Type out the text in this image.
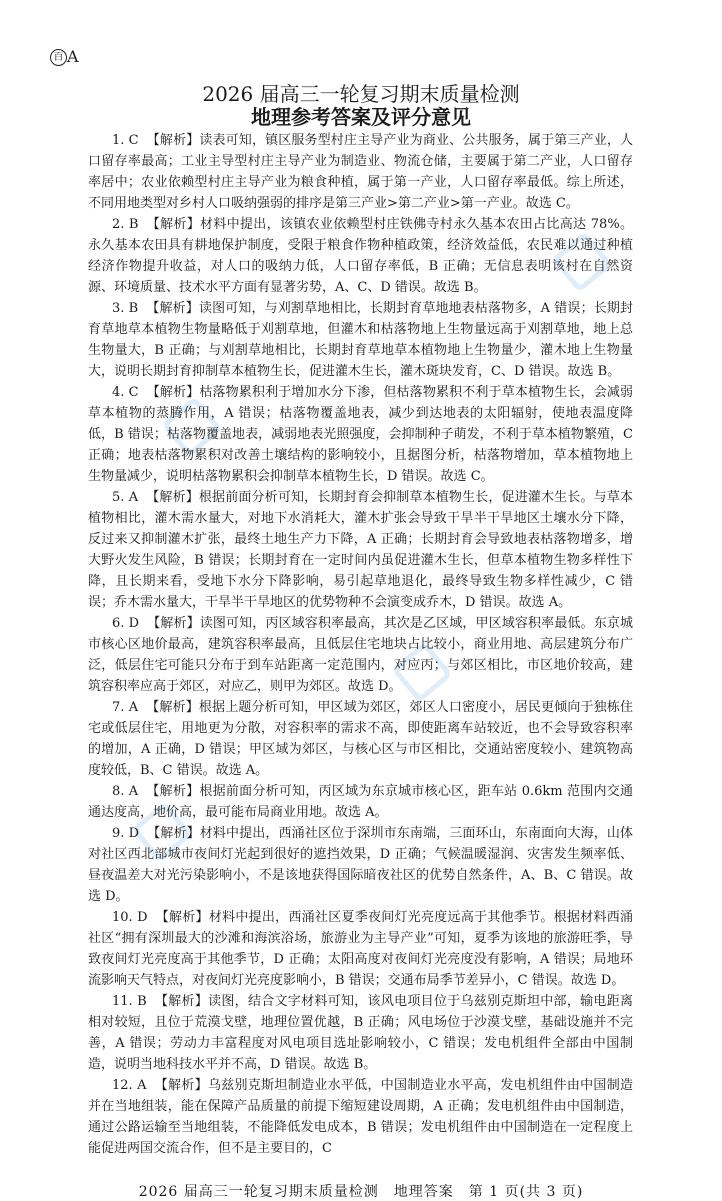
百 A
2026 届高三一轮复习期末质量检测
地理参考答案及评分意见

1. C 【解析】读表可知，镇区服务型村庄主导产业为商业、公共服务，属于第三产业，人口留存率最高；工业主导型村庄主导产业为制造业、物流仓储，主要属于第二产业，人口留存率居中；农业依赖型村庄主导产业为粮食种植，属于第一产业，人口留存率最低。综上所述，不同用地类型对乡村人口吸纳强弱的排序是第三产业>第二产业>第一产业。故选 C。

2. B 【解析】材料中提出，该镇农业依赖型村庄铁佛寺村永久基本农田占比高达 78%。永久基本农田具有耕地保护制度，受限于粮食作物种植政策，经济效益低，农民难以通过种植经济作物提升收益，对人口的吸纳力低，人口留存率低，B 正确；无信息表明该村在自然资源、环境质量、技术水平方面有显著劣势，A、C、D 错误。故选 B。

3. B 【解析】读图可知，与刈割草地相比，长期封育草地地表枯落物多，A 错误；长期封育草地草本植物生物量略低于刈割草地，但灌木和枯落物地上生物量远高于刈割草地，地上总生物量大，B 正确；与刈割草地相比，长期封育草地草本植物地上生物量少，灌木地上生物量大，说明长期封育抑制草本植物生长，促进灌木生长，灌木斑块发育，C、D 错误。故选 B。

4. C 【解析】枯落物累积利于增加水分下渗，但枯落物累积不利于草本植物生长，会减弱草本植物的蒸腾作用，A 错误；枯落物覆盖地表，减少到达地表的太阳辐射，使地表温度降低，B 错误；枯落物覆盖地表，减弱地表光照强度，会抑制种子萌发，不利于草本植物繁殖，C 正确；地表枯落物累积对改善土壤结构的影响较小，且据图分析，枯落物增加，草本植物地上生物量减少，说明枯落物累积会抑制草本植物生长，D 错误。故选 C。

5. A 【解析】根据前面分析可知，长期封育会抑制草本植物生长，促进灌木生长。与草本植物相比，灌木需水量大，对地下水消耗大，灌木扩张会导致干旱半干旱地区土壤水分下降，反过来又抑制灌木扩张，最终土地生产力下降，A 正确；长期封育会导致地表枯落物增多，增大野火发生风险，B 错误；长期封育在一定时间内虽促进灌木生长，但草本植物生物多样性下降，且长期来看，受地下水分下降影响，易引起草地退化，最终导致生物多样性减少，C 错误；乔木需水量大，干旱半干旱地区的优势物种不会演变成乔木，D 错误。故选 A。

6. D 【解析】读图可知，丙区域容积率最高，其次是乙区域，甲区域容积率最低。东京城市核心区地价最高，建筑容积率最高，且低层住宅地块占比较小，商业用地、高层建筑分布广泛，低层住宅可能只分布于到车站距离一定范围内，对应丙；与郊区相比，市区地价较高，建筑容积率应高于郊区，对应乙，则甲为郊区。故选 D。

7. A 【解析】根据上题分析可知，甲区域为郊区，郊区人口密度小，居民更倾向于独栋住宅或低层住宅，用地更为分散，对容积率的需求不高，即使距离车站较近，也不会导致容积率的增加，A 正确，D 错误；甲区域为郊区，与核心区与市区相比，交通站密度较小、建筑物高度较低，B、C 错误。故选 A。

8. A 【解析】根据前面分析可知，丙区域为东京城市核心区，距车站 0.6km 范围内交通通达度高，地价高，最可能布局商业用地。故选 A。

9. D 【解析】材料中提出，西涌社区位于深圳市东南端，三面环山，东南面向大海，山体对社区西北部城市夜间灯光起到很好的遮挡效果，D 正确；气候温暖湿润、灾害发生频率低、昼夜温差大对光污染影响小，不是该地获得国际暗夜社区的优势自然条件，A、B、C 错误。故选 D。

10. D 【解析】材料中提出，西涌社区夏季夜间灯光亮度远高于其他季节。根据材料西涌社区“拥有深圳最大的沙滩和海滨浴场，旅游业为主导产业”可知，夏季为该地的旅游旺季，导致夜间灯光亮度高于其他季节，D 正确；太阳高度对夜间灯光亮度没有影响，A 错误；局地环流影响天气特点，对夜间灯光亮度影响小，B 错误；交通布局季节差异小，C 错误。故选 D。

11. B 【解析】读图，结合文字材料可知，该风电项目位于乌兹别克斯坦中部，输电距离相对较短，且位于荒漠戈壁，地理位置优越，B 正确；风电场位于沙漠戈壁，基础设施并不完善，A 错误；劳动力丰富程度对风电项目选址影响较小，C 错误；发电机组件全部由中国制造，说明当地科技水平并不高，D 错误。故选 B。

12. A 【解析】乌兹别克斯坦制造业水平低，中国制造业水平高，发电机组件由中国制造并在当地组装，能在保障产品质量的前提下缩短建设周期，A 正确；发电机组件由中国制造，通过公路运输至当地组装，不能降低发电成本，B 错误；发电机组件由中国制造在一定程度上能促进两国交流合作，但不是主要目的，C

2026 届高三一轮复习期末质量检测　地理答案　第 1 页(共 3 页)
